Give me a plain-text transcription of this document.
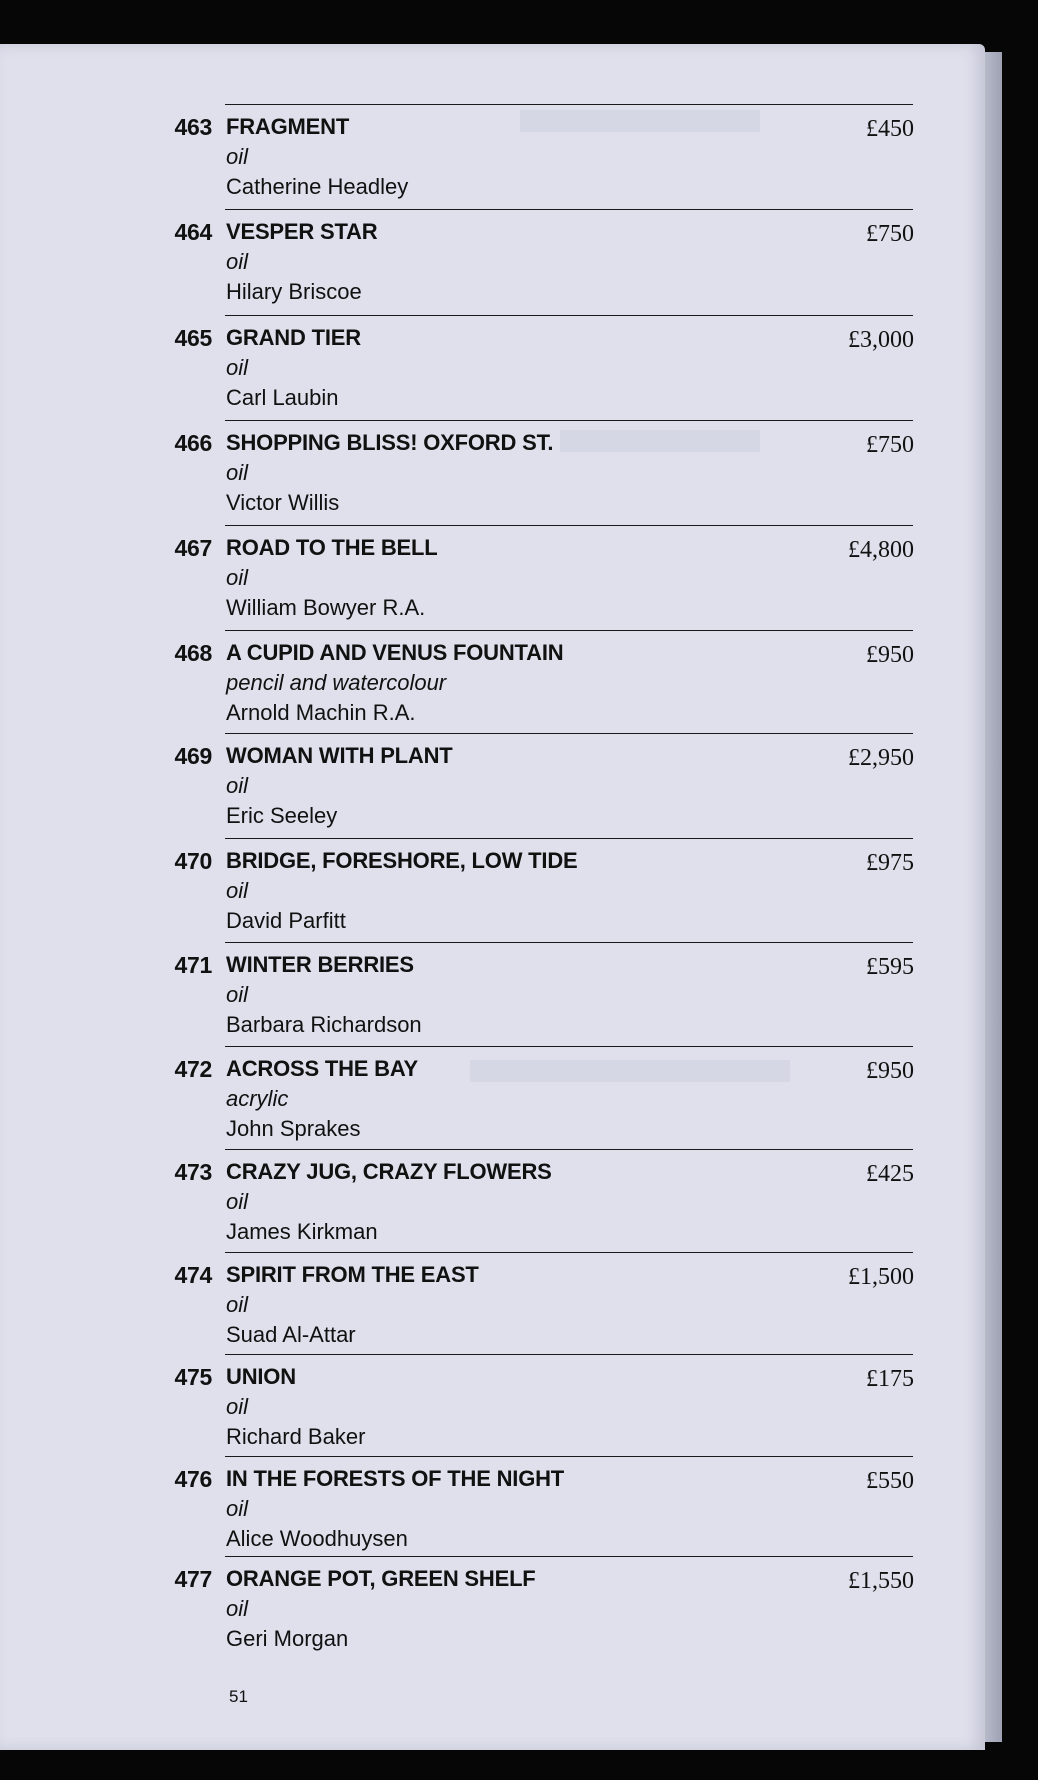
463 FRAGMENT
oil
Catherine Headley
£450
464 VESPER STAR
oil
Hilary Briscoe
£750
465 GRAND TIER
oil
Carl Laubin
£3,000
466 SHOPPING BLISS! OXFORD ST.
oil
Victor Willis
£750
467 ROAD TO THE BELL
oil
William Bowyer R.A.
£4,800
468 A CUPID AND VENUS FOUNTAIN
pencil and watercolour
Arnold Machin R.A.
£950
469 WOMAN WITH PLANT
oil
Eric Seeley
£2,950
470 BRIDGE, FORESHORE, LOW TIDE
oil
David Parfitt
£975
471 WINTER BERRIES
oil
Barbara Richardson
£595
472 ACROSS THE BAY
acrylic
John Sprakes
£950
473 CRAZY JUG, CRAZY FLOWERS
oil
James Kirkman
£425
474 SPIRIT FROM THE EAST
oil
Suad Al-Attar
£1,500
475 UNION
oil
Richard Baker
£175
476 IN THE FORESTS OF THE NIGHT
oil
Alice Woodhuysen
£550
477 ORANGE POT, GREEN SHELF
oil
Geri Morgan
£1,550
51
